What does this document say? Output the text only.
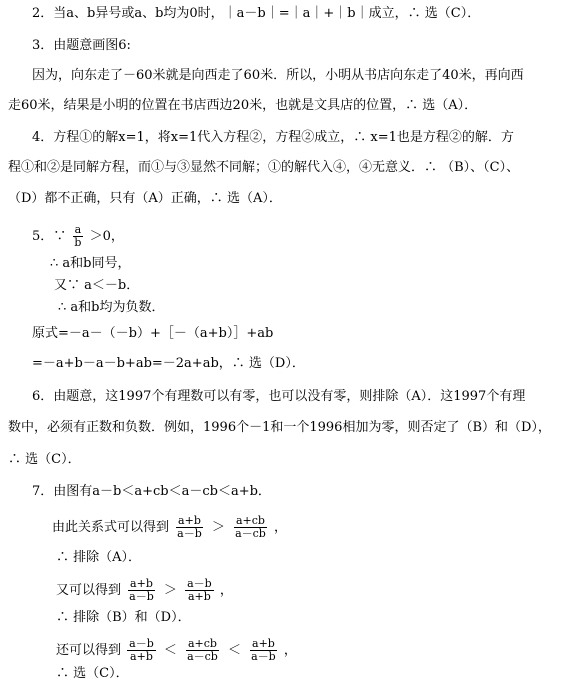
2．当a、b异号或a、b均为0时，｜a－b｜=｜a｜+｜b｜成立，∴ 选（C）．
3．由题意画图6:
因为，向东走了－60米就是向西走了60米．所以，小明从书店向东走了40米，再向西
走60米，结果是小明的位置在书店西边20米，也就是文具店的位置，∴ 选（A）．
4．方程①的解x=1，将x=1代入方程②，方程②成立，∴ x=1也是方程②的解．方
程①和②是同解方程，而①与③显然不同解；①的解代入④，④无意义．∴ （B）、（C）、
（D）都不正确，只有（A）正确，∴ 选（A）．
5．∵ $\frac{a}{b} >0$，
∴ a和b同号，
又∵ a＜－b．
∴ a和b均为负数．
原式=－a－（－b）+［－（a+b）］+ab
=－a+b－a－b+ab=－2a+ab，∴ 选（D）．
6．由题意，这1997个有理数可以有零，也可以没有零，则排除（A）．这1997个有理
数中，必须有正数和负数．例如，1996个－1和一个1996相加为零，则否定了（B）和（D），
∴ 选（C）．
7．由图有a－b＜a+cb＜a－cb＜a+b．
由此关系式可以得到 $\frac{a+b}{a-b} > \frac{a+cb}{a-cb}$ ，
∴ 排除（A）．
又可以得到 $\frac{a+b}{a-b} > \frac{a-b}{a+b}$ ，
∴ 排除（B）和（D）．
还可以得到 $\frac{a-b}{a+b} < \frac{a+cb}{a-cb} < \frac{a+b}{a-b}$ ，
∴ 选（C）．
